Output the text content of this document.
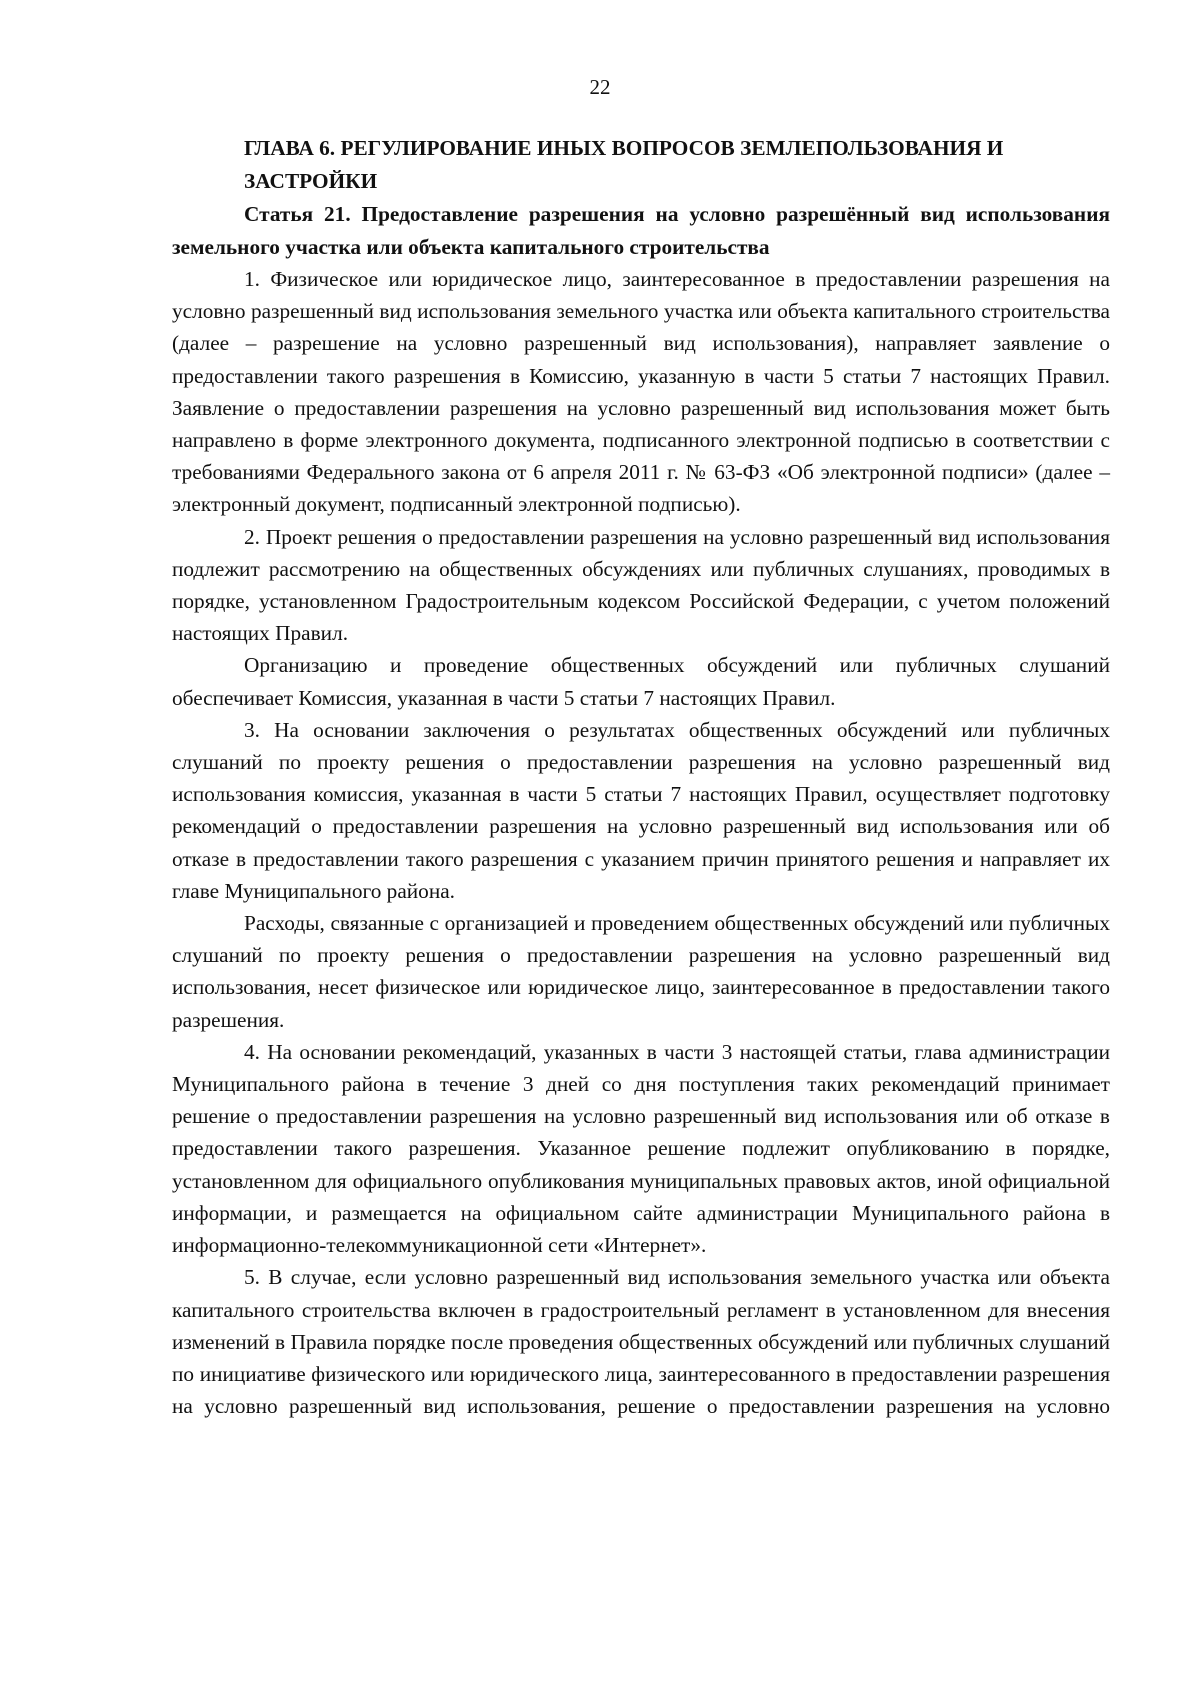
22
ГЛАВА 6. РЕГУЛИРОВАНИЕ ИНЫХ ВОПРОСОВ ЗЕМЛЕПОЛЬЗОВАНИЯ И ЗАСТРОЙКИ
Статья 21. Предоставление разрешения на условно разрешённый вид использования земельного участка или объекта капитального строительства

1. Физическое или юридическое лицо, заинтересованное в предоставлении разрешения на условно разрешенный вид использования земельного участка или объекта капитального строительства (далее – разрешение на условно разрешенный вид использования), направляет заявление о предоставлении такого разрешения в Комиссию, указанную в части 5 статьи 7 настоящих Правил. Заявление о предоставлении разрешения на условно разрешенный вид использования может быть направлено в форме электронного документа, подписанного электронной подписью в соответствии с требованиями Федерального закона от 6 апреля 2011 г. № 63-ФЗ «Об электронной подписи» (далее – электронный документ, подписанный электронной подписью).

2. Проект решения о предоставлении разрешения на условно разрешенный вид использования подлежит рассмотрению на общественных обсуждениях или публичных слушаниях, проводимых в порядке, установленном Градостроительным кодексом Российской Федерации, с учетом положений настоящих Правил.

Организацию и проведение общественных обсуждений или публичных слушаний обеспечивает Комиссия, указанная в части 5 статьи 7 настоящих Правил.

3. На основании заключения о результатах общественных обсуждений или публичных слушаний по проекту решения о предоставлении разрешения на условно разрешенный вид использования комиссия, указанная в части 5 статьи 7 настоящих Правил, осуществляет подготовку рекомендаций о предоставлении разрешения на условно разрешенный вид использования или об отказе в предоставлении такого разрешения с указанием причин принятого решения и направляет их главе Муниципального района.

Расходы, связанные с организацией и проведением общественных обсуждений или публичных слушаний по проекту решения о предоставлении разрешения на условно разрешенный вид использования, несет физическое или юридическое лицо, заинтересованное в предоставлении такого разрешения.

4. На основании рекомендаций, указанных в части 3 настоящей статьи, глава администрации Муниципального района в течение 3 дней со дня поступления таких рекомендаций принимает решение о предоставлении разрешения на условно разрешенный вид использования или об отказе в предоставлении такого разрешения. Указанное решение подлежит опубликованию в порядке, установленном для официального опубликования муниципальных правовых актов, иной официальной информации, и размещается на официальном сайте администрации Муниципального района в информационно-телекоммуникационной сети «Интернет».

5. В случае, если условно разрешенный вид использования земельного участка или объекта капитального строительства включен в градостроительный регламент в установленном для внесения изменений в Правила порядке после проведения общественных обсуждений или публичных слушаний по инициативе физического или юридического лица, заинтересованного в предоставлении разрешения на условно разрешенный вид использования, решение о предоставлении разрешения на условно
